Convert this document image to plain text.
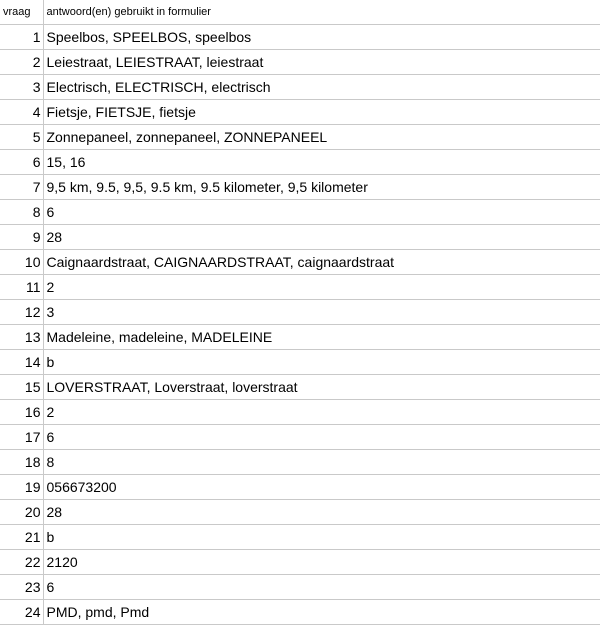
vraag	antwoord(en) gebruikt in formulier
1	Speelbos, SPEELBOS, speelbos
2	Leiestraat, LEIESTRAAT, leiestraat
3	Electrisch, ELECTRISCH, electrisch
4	Fietsje, FIETSJE, fietsje
5	Zonnepaneel, zonnepaneel, ZONNEPANEEL
6	15, 16
7	9,5 km, 9.5, 9,5, 9.5 km, 9.5 kilometer, 9,5 kilometer
8	6
9	28
10	Caignaardstraat, CAIGNAARDSTRAAT, caignaardstraat
11	2
12	3
13	Madeleine, madeleine, MADELEINE
14	b
15	LOVERSTRAAT, Loverstraat, loverstraat
16	2
17	6
18	8
19	056673200
20	28
21	b
22	2120
23	6
24	PMD, pmd, Pmd
